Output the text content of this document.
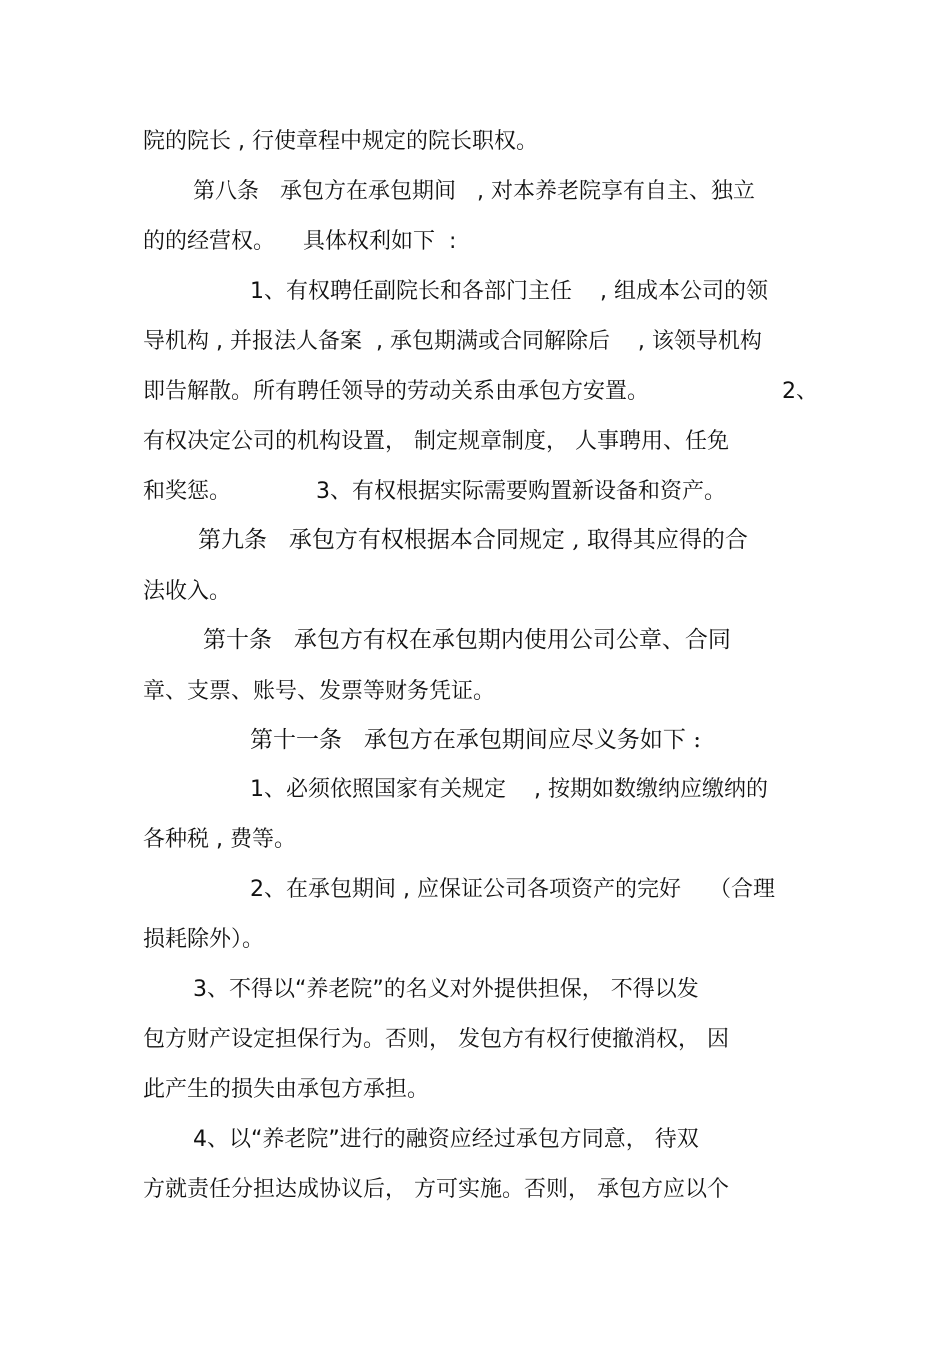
院的院长 , 行使章程中规定的院长职权。
第八条   承包方在承包期间   , 对本养老院享有自主、独立
的的经营权。    具体权利如下  :
1、有权聘任副院长和各部门主任    , 组成本公司的领
导机构 , 并报法人备案  , 承包期满或合同解除后    , 该领导机构
即告解散。所有聘任领导的劳动关系由承包方安置。	2、
有权决定公司的机构设置， 制定规章制度， 人事聘用、任免
和奖惩。	3、有权根据实际需要购置新设备和资产。
第九条   承包方有权根据本合同规定 , 取得其应得的合
法收入。
第十条   承包方有权在承包期内使用公司公章、合同
章、支票、账号、发票等财务凭证。
第十一条   承包方在承包期间应尽义务如下 :
1、必须依照国家有关规定    , 按期如数缴纳应缴纳的
各种税 , 费等。
2、在承包期间 , 应保证公司各项资产的完好    （合理
损耗除外）。
3、不得以“养老院”的名义对外提供担保， 不得以发
包方财产设定担保行为。否则， 发包方有权行使撤消权， 因
此产生的损失由承包方承担。
4、以“养老院”进行的融资应经过承包方同意， 待双
方就责任分担达成协议后， 方可实施。否则， 承包方应以个
